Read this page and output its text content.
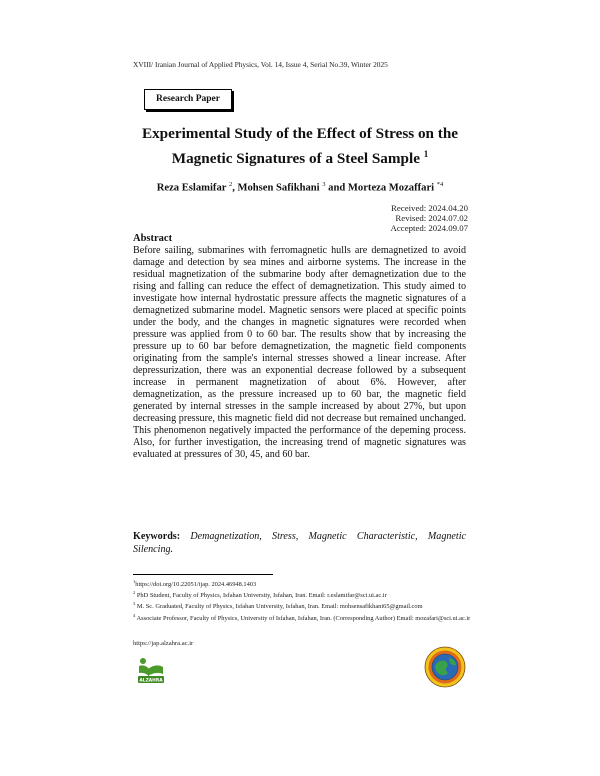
XVIII/ Iranian Journal of Applied Physics, Vol. 14, Issue 4, Serial No.39, Winter 2025
Research Paper
Experimental Study of the Effect of Stress on the
Magnetic Signatures of a Steel Sample $^1$
Reza Eslamifar $^2$, Mohsen Safikhani $^3$ and Morteza Mozaffari $^{*4}$
Received: 2024.04.20
Revised: 2024.07.02
Accepted: 2024.09.07
Abstract
Before sailing, submarines with ferromagnetic hulls are demagnetized to avoid damage and detection by sea mines and airborne systems. The increase in the residual magnetization of the submarine body after demagnetization due to the rising and falling can reduce the effect of demagnetization. This study aimed to investigate how internal hydrostatic pressure affects the magnetic signatures of a demagnetized submarine model. Magnetic sensors were placed at specific points under the body, and the changes in magnetic signatures were recorded when pressure was applied from 0 to 60 bar. The results show that by increasing the pressure up to 60 bar before demagnetization, the magnetic field components originating from the sample's internal stresses showed a linear increase. After depressurization, there was an exponential decrease followed by a subsequent increase in permanent magnetization of about 6%. However, after demagnetization, as the pressure increased up to 60 bar, the magnetic field generated by internal stresses in the sample increased by about 27%, but upon decreasing pressure, this magnetic field did not decrease but remained unchanged. This phenomenon negatively impacted the performance of the depeming process. Also, for further investigation, the increasing trend of magnetic signatures was evaluated at pressures of 30, 45, and 60 bar.
Keywords: Demagnetization, Stress, Magnetic Characteristic, Magnetic Silencing.
$^1$https://doi.org/10.22051/ijap. 2024.46948.1403
$^2$ PhD Student, Faculty of Physics, Isfahan University, Isfahan, Iran. Email: r.eslamifar@sci.ui.ac.ir
$^3$ M. Sc. Graduated, Faculty of Physics, Isfahan University, Isfahan, Iran. Email: mohsensafikhani65@gmail.com
$^4$ Associate Professor, Faculty of Physics, University of Isfahan, Isfahan, Iran. (Corresponding Author) Email: mozafari@sci.ui.ac.ir
https://jap.alzahra.ac.ir
ALZAHRA
